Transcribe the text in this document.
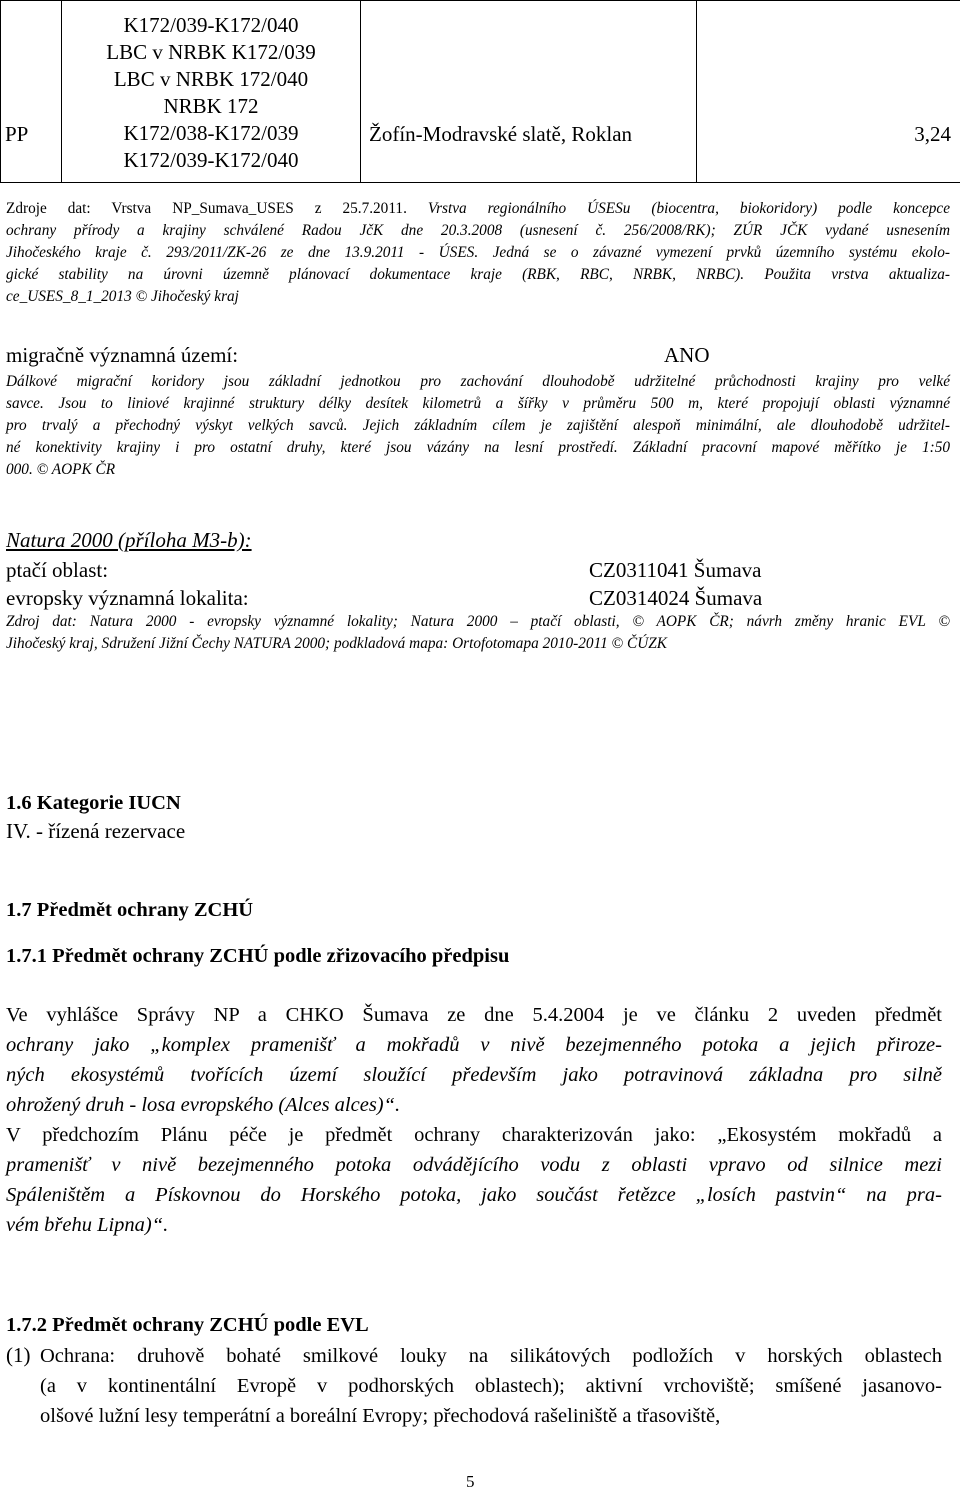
PP

K172/039-K172/040
LBC v NRBK K172/039
LBC v NRBK 172/040
NRBK 172
K172/038-K172/039
K172/039-K172/040

Žofín-Modravské slatě, Roklan	3,24
Zdroje dat: Vrstva NP_Sumava_USES z 25.7.2011. Vrstva regionálního ÚSESu (biocentra, biokoridory) podle koncepce
ochrany přírody a krajiny schválené Radou JčK dne 20.3.2008 (usnesení č. 256/2008/RK); ZÚR JČK vydané usnesením
Jihočeského kraje č. 293/2011/ZK-26 ze dne 13.9.2011 - ÚSES. Jedná se o závazné vymezení prvků územního systému ekolo-
gické stability na úrovni územně plánovací dokumentace kraje (RBK, RBC, NRBK, NRBC). Použita vrstva aktualiza-
ce_USES_8_1_2013 © Jihočeský kraj
migračně významná území:	ANO
Dálkové migrační koridory jsou základní jednotkou pro zachování dlouhodobě udržitelné průchodnosti krajiny pro velké
savce. Jsou to liniové krajinné struktury délky desítek kilometrů a šířky v průměru 500 m, které propojují oblasti významné
pro trvalý a přechodný výskyt velkých savců. Jejich základním cílem je zajištění alespoň minimální, ale dlouhodobě udržitel-
né konektivity krajiny i pro ostatní druhy, které jsou vázány na lesní prostředí. Základní pracovní mapové měřítko je 1:50
000. © AOPK ČR
Natura 2000 (příloha M3-b):
ptačí oblast:	CZ0311041 Šumava
evropsky významná lokalita:	CZ0314024 Šumava
Zdroj dat: Natura 2000 - evropsky významné lokality; Natura 2000 – ptačí oblasti, © AOPK ČR; návrh změny hranic EVL ©
Jihočeský kraj, Sdružení Jižní Čechy NATURA 2000; podkladová mapa: Ortofotomapa 2010-2011 © ČÚZK
1.6 Kategorie IUCN
IV. - řízená rezervace
1.7 Předmět ochrany ZCHÚ
1.7.1 Předmět ochrany ZCHÚ podle zřizovacího předpisu
Ve vyhlášce Správy NP a CHKO Šumava ze dne 5.4.2004 je ve článku 2 uveden předmět
ochrany jako „komplex pramenišť a mokřadů v nivě bezejmenného potoka a jejich přiroze-
ných ekosystémů tvořících území sloužící především jako potravinová základna pro silně
ohrožený druh - losa evropského (Alces alces)“.
V předchozím Plánu péče je předmět ochrany charakterizován jako: „Ekosystém mokřadů a
pramenišť v nivě bezejmenného potoka odvádějícího vodu z oblasti vpravo od silnice mezi
Spáleništěm a Pískovnou do Horského potoka, jako součást řetězce „losích pastvin“ na pra-
vém břehu Lipna)“.
1.7.2 Předmět ochrany ZCHÚ podle EVL
(1) Ochrana: druhově bohaté smilkové louky na silikátových podložích v horských oblastech
(a v kontinentální Evropě v podhorských oblastech); aktivní vrchoviště; smíšené jasanovo-
olšové lužní lesy temperátní a boreální Evropy; přechodová rašeliniště a třasoviště,
5
